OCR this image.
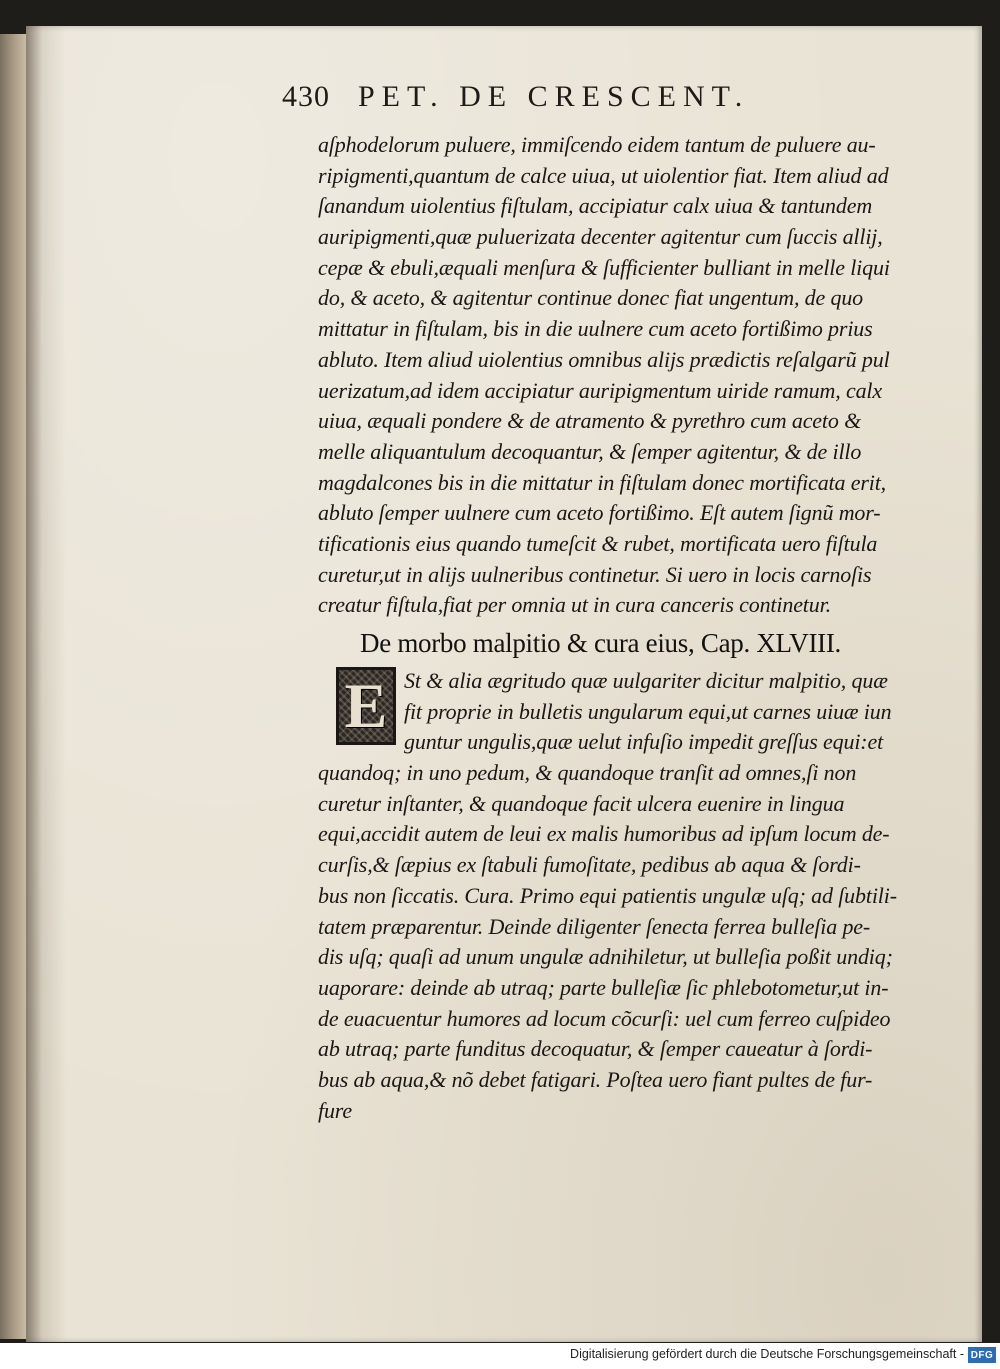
430 PET. DE CRESCENT.
aſphodelorum puluere, immiſcendo eidem tantum de puluere au-
ripigmenti,quantum de calce uiua, ut uiolentior fiat. Item aliud ad
ſanandum uiolentius fiſtulam, accipiatur calx uiua & tantundem
auripigmenti,quæ puluerizata decenter agitentur cum ſuccis allij,
cepæ & ebuli,æquali menſura & ſufficienter bulliant in melle liqui
do, & aceto, & agitentur continue donec fiat ungentum, de quo
mittatur in fiſtulam, bis in die uulnere cum aceto fortißimo prius
abluto. Item aliud uiolentius omnibus alijs prædictis reſalgarũ pul
uerizatum,ad idem accipiatur auripigmentum uiride ramum, calx
uiua, æquali pondere & de atramento & pyrethro cum aceto &
melle aliquantulum decoquantur, & ſemper agitentur, & de illo
magdalcones bis in die mittatur in fiſtulam donec mortificata erit,
abluto ſemper uulnere cum aceto fortißimo. Eſt autem ſignũ mor-
tificationis eius quando tumeſcit & rubet, mortificata uero fiſtula
curetur,ut in alijs uulneribus continetur. Si uero in locis carnoſis
creatur fiſtula,fiat per omnia ut in cura canceris continetur.
De morbo malpitio & cura eius, Cap. XLVIII.
St & alia ægritudo quæ uulgariter dicitur malpitio, quæ
fit proprie in bulletis ungularum equi,ut carnes uiuæ iun
guntur ungulis,quæ uelut infuſio impedit greſſus equi:et
quandoq; in uno pedum, & quandoque tranſit ad omnes,ſi non
curetur inſtanter, & quandoque facit ulcera euenire in lingua
equi,accidit autem de leui ex malis humoribus ad ipſum locum de-
curſis,& ſæpius ex ſtabuli fumoſitate, pedibus ab aqua & ſordi-
bus non ſiccatis. Cura. Primo equi patientis ungulæ uſq; ad ſubtili-
tatem præparentur. Deinde diligenter ſenecta ferrea bulleſia pe-
dis uſq; quaſi ad unum ungulæ adnihiletur, ut bulleſia poßit undiq;
uaporare: deinde ab utraq; parte bulleſiæ ſic phlebotometur,ut in-
de euacuentur humores ad locum cõcurſi: uel cum ferreo cuſpideo
ab utraq; parte funditus decoquatur, & ſemper caueatur à ſordi-
bus ab aqua,& nõ debet fatigari. Poſtea uero fiant pultes de fur-
fure
E
Digitalisierung gefördert durch die Deutsche Forschungsgemeinschaft - DFG
